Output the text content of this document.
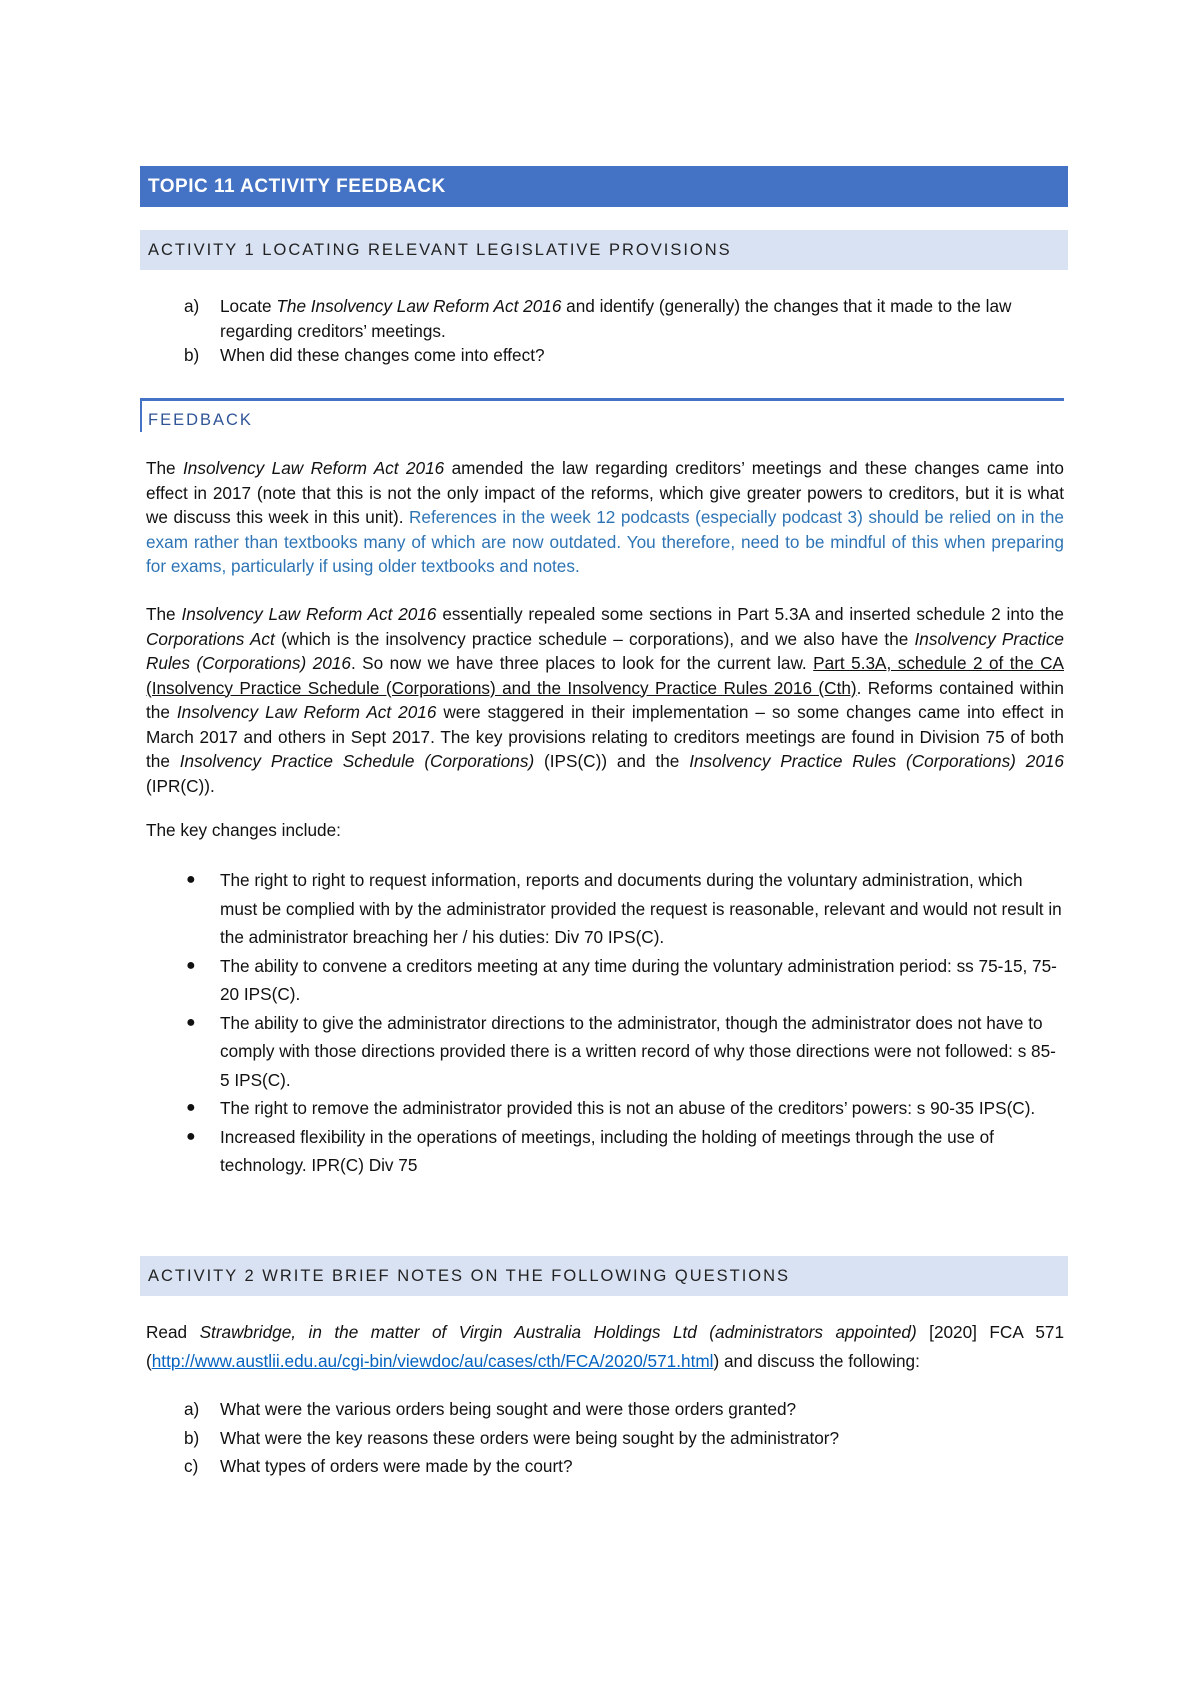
TOPIC 11 ACTIVITY FEEDBACK
ACTIVITY 1 LOCATING RELEVANT LEGISLATIVE PROVISIONS
a) Locate The Insolvency Law Reform Act 2016 and identify (generally) the changes that it made to the law regarding creditors’ meetings.
b) When did these changes come into effect?
FEEDBACK

The Insolvency Law Reform Act 2016 amended the law regarding creditors’ meetings and these changes came into effect in 2017 (note that this is not the only impact of the reforms, which give greater powers to creditors, but it is what we discuss this week in this unit). References in the week 12 podcasts (especially podcast 3) should be relied on in the exam rather than textbooks many of which are now outdated. You therefore, need to be mindful of this when preparing for exams, particularly if using older textbooks and notes.

The Insolvency Law Reform Act 2016 essentially repealed some sections in Part 5.3A and inserted schedule 2 into the Corporations Act (which is the insolvency practice schedule – corporations), and we also have the Insolvency Practice Rules (Corporations) 2016. So now we have three places to look for the current law. Part 5.3A, schedule 2 of the CA (Insolvency Practice Schedule (Corporations) and the Insolvency Practice Rules 2016 (Cth). Reforms contained within the Insolvency Law Reform Act 2016 were staggered in their implementation – so some changes came into effect in March 2017 and others in Sept 2017. The key provisions relating to creditors meetings are found in Division 75 of both the Insolvency Practice Schedule (Corporations) (IPS(C)) and the Insolvency Practice Rules (Corporations) 2016 (IPR(C)).

The key changes include:

● The right to right to request information, reports and documents during the voluntary administration, which must be complied with by the administrator provided the request is reasonable, relevant and would not result in the administrator breaching her / his duties: Div 70 IPS(C).
● The ability to convene a creditors meeting at any time during the voluntary administration period: ss 75-15, 75-20 IPS(C).
● The ability to give the administrator directions to the administrator, though the administrator does not have to comply with those directions provided there is a written record of why those directions were not followed: s 85-5 IPS(C).
● The right to remove the administrator provided this is not an abuse of the creditors’ powers: s 90-35 IPS(C).
● Increased flexibility in the operations of meetings, including the holding of meetings through the use of technology. IPR(C) Div 75
ACTIVITY 2 WRITE BRIEF NOTES ON THE FOLLOWING QUESTIONS

Read Strawbridge, in the matter of Virgin Australia Holdings Ltd (administrators appointed) [2020] FCA 571 (http://www.austlii.edu.au/cgi-bin/viewdoc/au/cases/cth/FCA/2020/571.html) and discuss the following:

a) What were the various orders being sought and were those orders granted?
b) What were the key reasons these orders were being sought by the administrator?
c) What types of orders were made by the court?
